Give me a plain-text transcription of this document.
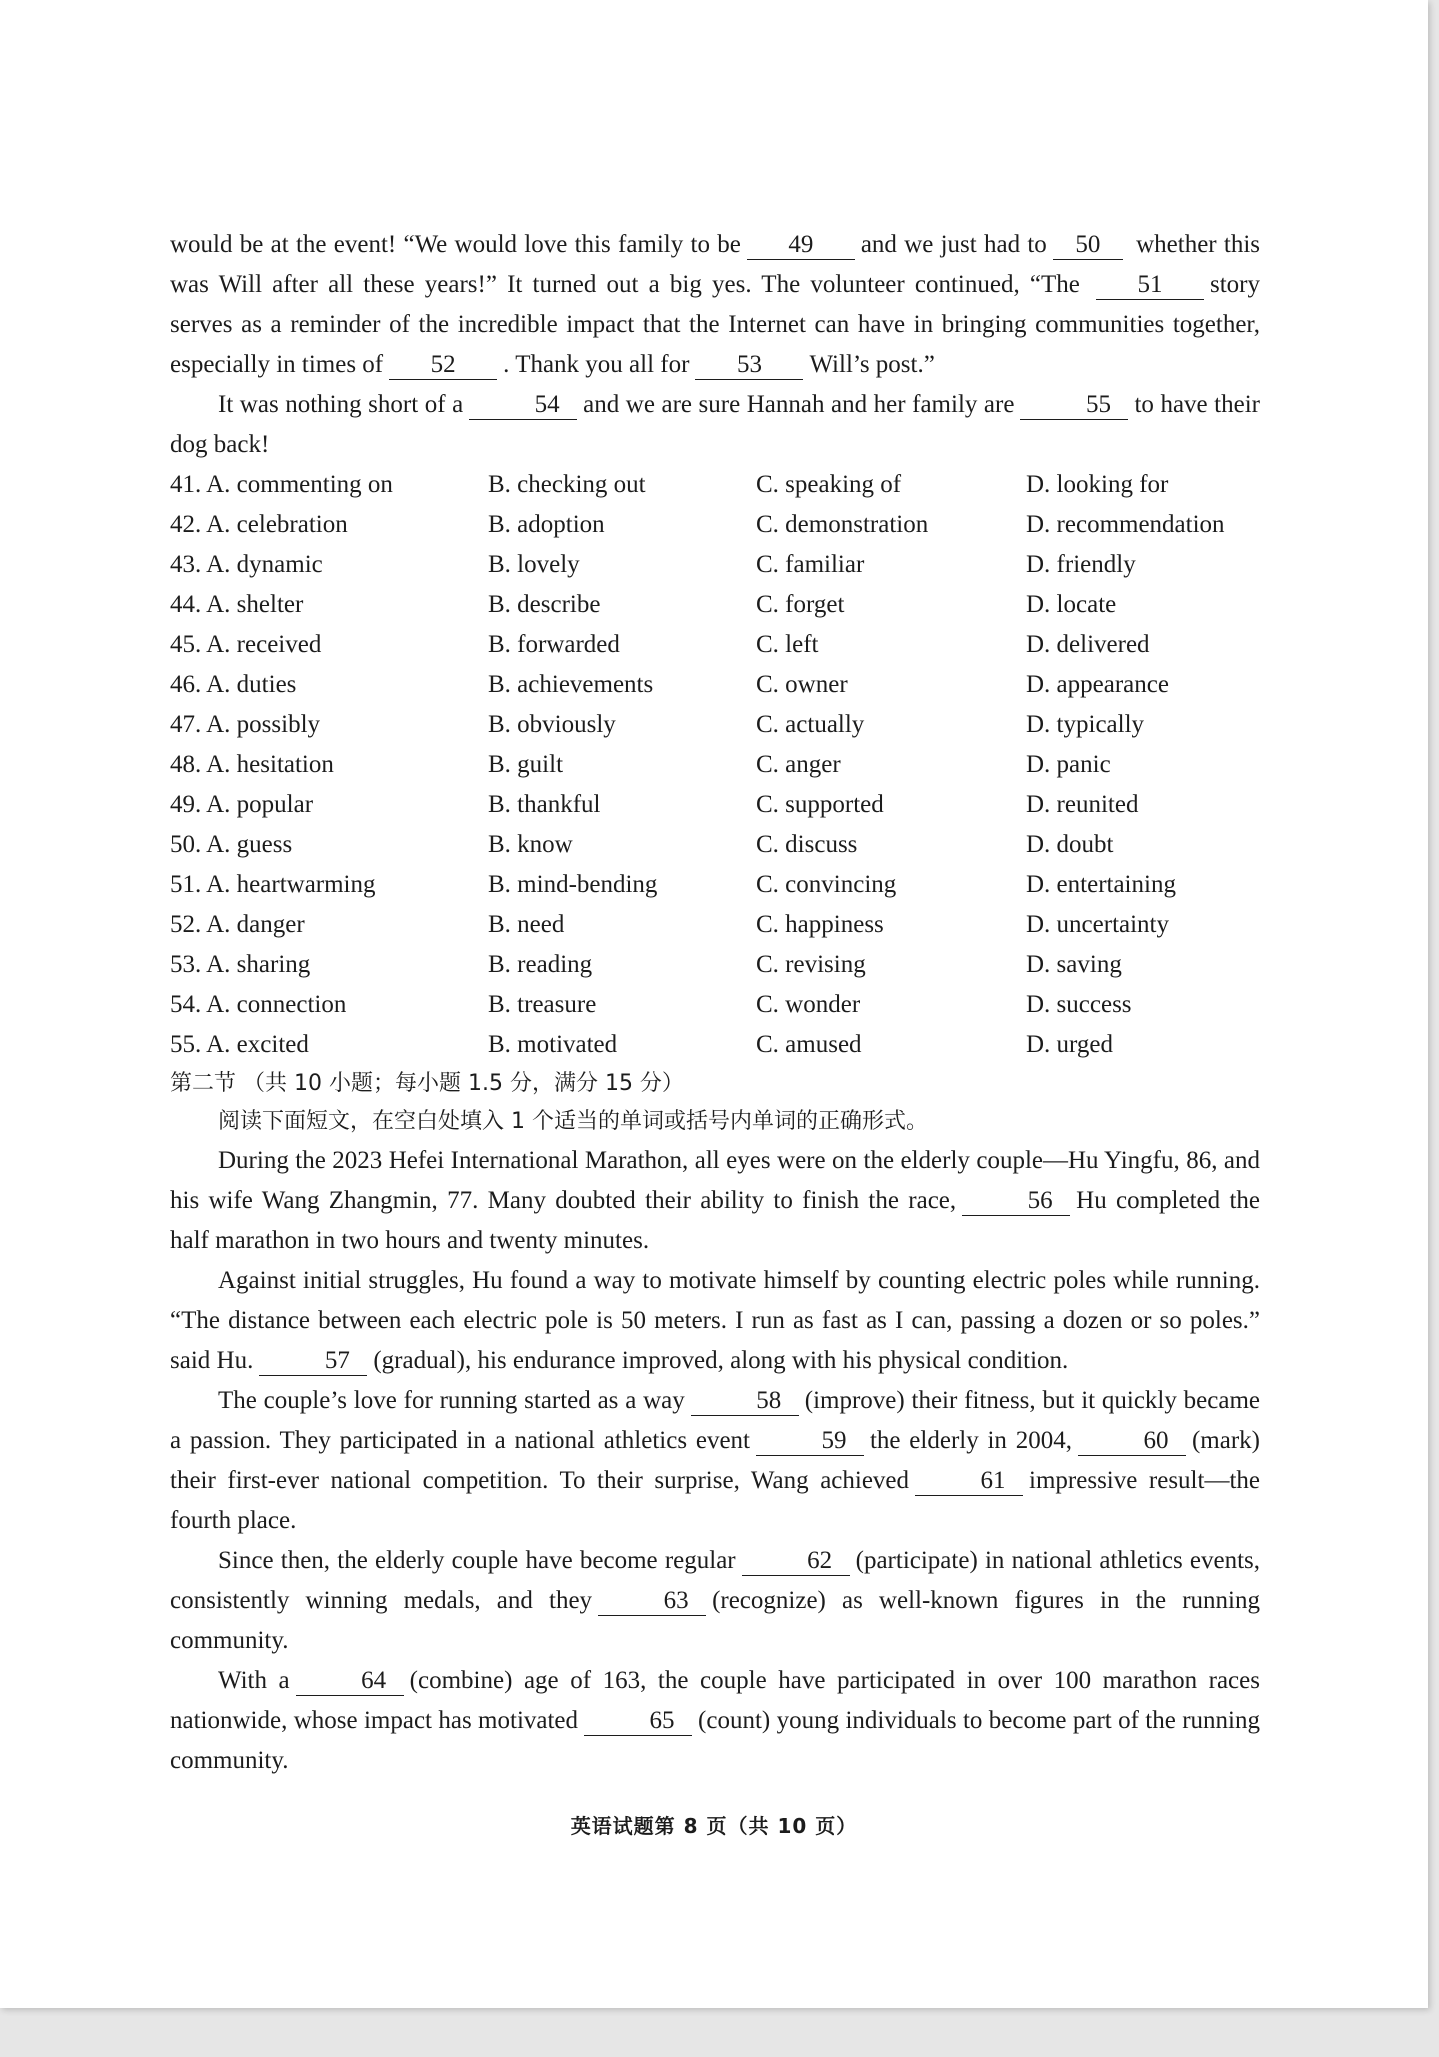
would be at the event! “We would love this family to be 49 and we just had to 50 whether this was Will after all these years!” It turned out a big yes. The volunteer continued, “The 51 story serves as a reminder of the incredible impact that the Internet can have in bringing communities together, especially in times of 52 . Thank you all for 53 Will’s post.”

It was nothing short of a	54 and we are sure Hannah and her family are	55 to have their dog back!

41. A. commenting on	B. checking out	C. speaking of	D. looking for
42. A. celebration	B. adoption	C. demonstration	D. recommendation
43. A. dynamic	B. lovely	C. familiar	D. friendly
44. A. shelter	B. describe	C. forget	D. locate
45. A. received	B. forwarded	C. left	D. delivered
46. A. duties	B. achievements	C. owner	D. appearance
47. A. possibly	B. obviously	C. actually	D. typically
48. A. hesitation	B. guilt	C. anger	D. panic
49. A. popular	B. thankful	C. supported	D. reunited
50. A. guess	B. know	C. discuss	D. doubt
51. A. heartwarming	B. mind-bending	C. convincing	D. entertaining
52. A. danger	B. need	C. happiness	D. uncertainty
53. A. sharing	B. reading	C. revising	D. saving
54. A. connection	B. treasure	C. wonder	D. success
55. A. excited	B. motivated	C. amused	D. urged

第二节 （共 10 小题；每小题 1.5 分，满分 15 分）

阅读下面短文，在空白处填入 1 个适当的单词或括号内单词的正确形式。

During the 2023 Hefei International Marathon, all eyes were on the elderly couple—Hu Yingfu, 86, and his wife Wang Zhangmin, 77. Many doubted their ability to finish the race,	56 Hu completed the half marathon in two hours and twenty minutes.

Against initial struggles, Hu found a way to motivate himself by counting electric poles while running. “The distance between each electric pole is 50 meters. I run as fast as I can, passing a dozen or so poles.” said Hu.	57 (gradual), his endurance improved, along with his physical condition.

The couple’s love for running started as a way	58 (improve) their fitness, but it quickly became a passion. They participated in a national athletics event	59 the elderly in 2004,	60 (mark) their first-ever national competition. To their surprise, Wang achieved	61 impressive result—the fourth place.

Since then, the elderly couple have become regular	62 (participate) in national athletics events, consistently winning medals, and they	63 (recognize) as well-known figures in the running community.

With a	64 (combine) age of 163, the couple have participated in over 100 marathon races nationwide, whose impact has motivated	65 (count) young individuals to become part of the running community.

英语试题第 8 页（共 10 页）
